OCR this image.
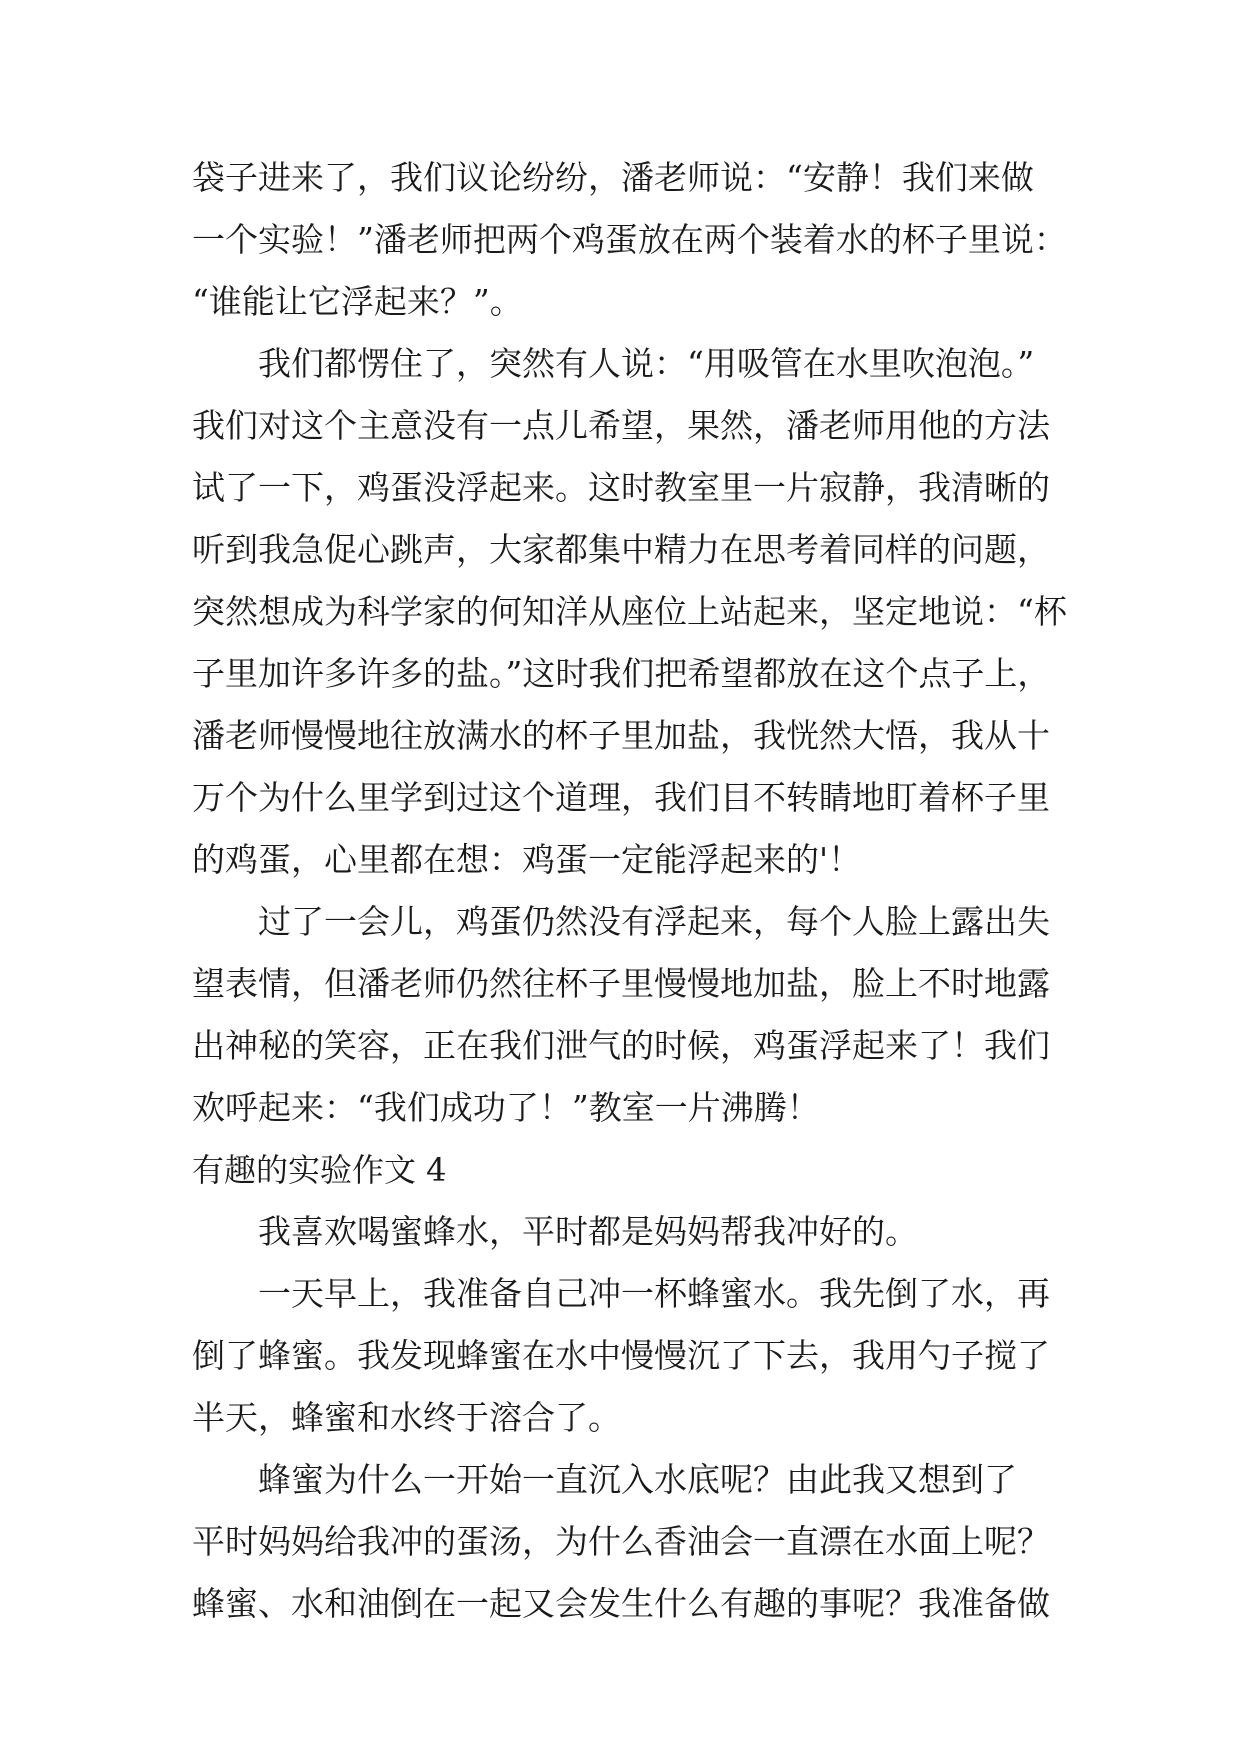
袋子进来了，我们议论纷纷，潘老师说：“安静！我们来做
一个实验！”潘老师把两个鸡蛋放在两个装着水的杯子里说：
“谁能让它浮起来？”。
我们都愣住了，突然有人说：“用吸管在水里吹泡泡。”
我们对这个主意没有一点儿希望，果然，潘老师用他的方法
试了一下，鸡蛋没浮起来。这时教室里一片寂静，我清晰的
听到我急促心跳声，大家都集中精力在思考着同样的问题，
突然想成为科学家的何知洋从座位上站起来，坚定地说：“杯
子里加许多许多的盐。”这时我们把希望都放在这个点子上，
潘老师慢慢地往放满水的杯子里加盐，我恍然大悟，我从十
万个为什么里学到过这个道理，我们目不转睛地盯着杯子里
的鸡蛋，心里都在想：鸡蛋一定能浮起来的'！
过了一会儿，鸡蛋仍然没有浮起来，每个人脸上露出失
望表情，但潘老师仍然往杯子里慢慢地加盐，脸上不时地露
出神秘的笑容，正在我们泄气的时候，鸡蛋浮起来了！我们
欢呼起来：“我们成功了！”教室一片沸腾！
有趣的实验作文 4
我喜欢喝蜜蜂水，平时都是妈妈帮我冲好的。
一天早上，我准备自己冲一杯蜂蜜水。我先倒了水，再
倒了蜂蜜。我发现蜂蜜在水中慢慢沉了下去，我用勺子搅了
半天，蜂蜜和水终于溶合了。
蜂蜜为什么一开始一直沉入水底呢？由此我又想到了
平时妈妈给我冲的蛋汤，为什么香油会一直漂在水面上呢？
蜂蜜、水和油倒在一起又会发生什么有趣的事呢？我准备做
